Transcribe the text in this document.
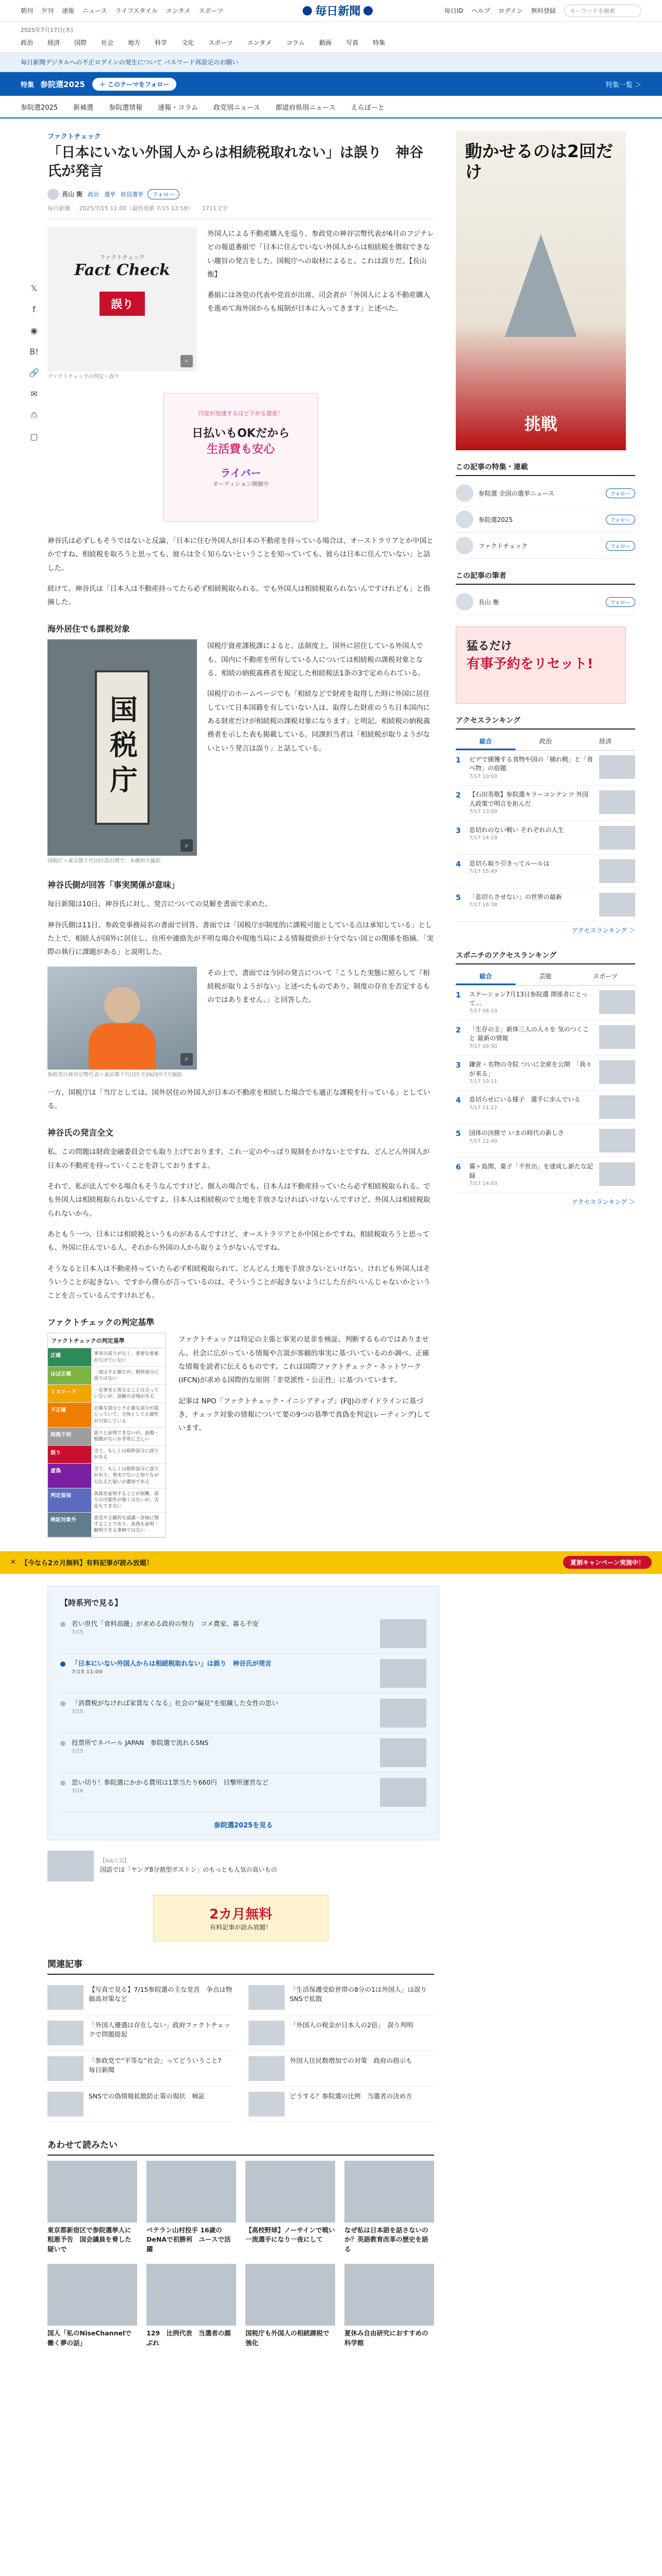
朝刊 夕刊 速報 ニュース ライフスタイル エンタメ スポーツ	毎日新聞	毎日ID ヘルプ ログイン 無料登録	キーワードを検索
2025年7月17日(木)
政治 経済 国際 社会 地方 科学 文化 スポーツ エンタメ コラム 動画 写真 特集
毎日新聞デジタルへの不正ログインの発生について パスワード再設定のお願い
特集 参院選2025	＋ このテーマをフォロー	特集一覧 ＞
参院選2025 新補選 参院選情報 速報・コラム 政党別ニュース 都道府県別ニュース えらぼーと
𝕏
f
◉
B!
🔗
✉
⎙
▢
ファクトチェック
「日本にいない外国人からは相続税取れない」は誤り　神谷氏が発言
長山 衡 政治 選挙 政局選挙	フォロー
毎日新聞 2025/7/15 11:00（最終更新 7/15 13:58） 1711文字
ファクトチェック
Fact Check
誤り
⌕
ファクトチェックの判定・誤り

外国人による不動産購入を巡り、参政党の神谷宗幣代表が6月のフジテレビの報道番組で「日本に住んでいない外国人からは相続税を徴収できない趣旨の発言をした。国税庁への取材によると、これは誤りだ。【長山衡】

番組には各党の代表や党首が出席。司会者が「外国人による不動産購入を進めて海外国からも規制が日本に入ってきます」と述べた。

円安が加速するほど下がる資産！
日払いもOKだから
生活費も安心
ライバー
オーディション開催中

神谷氏は必ずしもそうではないと反論、「日本に住む外国人が日本の不動産を持っている場合は、オーストラリアとか中国とかですね、相続税を取ろうと思っても、彼らは全く知らないということを知っていても、彼らは日本に住んでいない」と話した。

続けて、神谷氏は「日本人は不動産持ってたら必ず相続税取られる。でも外国人は相続税取られないんですけれども」と指摘した。

海外居住でも課税対象
国税庁
⌕
国税庁＝東京都千代田区霞が関で、本橋和夫撮影

国税庁資産課税課によると、法制度上、国外に居住している外国人でも、国内に不動産を所有している人については相続税の課税対象となる。相続の納税義務者を規定した相続税法1条の3で定められている。

国税庁のホームページでも「相続などで財産を取得した時に外国に居住していて日本国籍を有していない人は、取得した財産のうち日本国内にある財産だけが相続税の課税対象になります」と明記。相続税の納税義務者を示した表も掲載している。同課担当者は「相続税が取りようがないという発言は誤り」と話している。

神谷氏側が回答「事実関係が意味」

毎日新聞は10日、神谷氏に対し、発言についての見解を書面で求めた。

神谷氏側は11日、参政党事務局名の書面で回答。書面では「国税庁が制度的に課税可能としている点は承知している」とした上で、相続人が国外に居住し、住所や連絡先が不明な場合や現地当局による情報提供が十分でない国との関係を指摘。「実際の執行に課題がある」と説明した。

⌕
参政党の神谷宗幣代表＝東京都千代田区で2025年7月撮影

その上で、書面では今回の発言について「こうした実態に照らして『相続税が取りようがない』と述べたものであり、制度の存在を否定するものではありません。」と回答した。

一方、国税庁は「当庁としては、国外居住の外国人が日本の不動産を相続した場合でも適正な課税を行っている」としている。

神谷氏の発言全文

私、この問題は財政金融委員会でも取り上げております。これ一定のやっぱり規制をかけないとですね、どんどん外国人が日本の不動産を持っていくことを許しておりますよ。

それで、私が法人でやる場合もそうなんですけど、個人の場合でも、日本人は不動産持っていたら必ず相続税取られる。でも外国人は相続税取られないんですよ。日本人は相続税ので土地を手放さなければいけないんですけど、外国人は相続税取られないから。

あともう一つ、日本には相続税というものがあるんですけど、オーストラリアとか中国とかですね、相続税取ろうと思っても、外国に住んでいる人、それから外国の人から取りようがないんですね。

そうなると日本人は不動産持っていたら必ず相続税取られて、どんどん土地を手放さないといけない。けれども外国人はそういうことが起きない。ですから僕らが言っているのは、そういうことが起きないようにした方がいいんじゃないかということを言っているんですけれども。

ファクトチェックの判定基準
ファクトチェックの判定基準
正確	事実の誤りがなく、重要な要素が欠けていない
ほぼ正確	一部は不正確だが、根幹部分に誤りはない
ミスリード	一見事実と異なることは言っていないが、誤解の余地がある
不正確	正確な部分と不正確な部分が混じっていて、全体として正確性が欠如している
根拠不明	誤りと証明できないが、証拠・根拠がないか非常に乏しい
誤り	全て、もしくは根幹部分に誤りがある
虚偽	全て、もしくは根幹部分に誤りがあり、事実でないと知りながら伝えた疑いが濃厚である
判定留保	真偽を証明することが困難。誤りの可能性が強くはないが、否定もできない
検証対象外	意見や主観的な認識・評価に関することであり、真偽を証明・解明できる事柄ではない

ファクトチェックは特定の主張と事実の是非を検証、判断するものではありません。社会に広がっている情報や言説が客観的事実に基づいているのか調べ、正確な情報を読者に伝えるものです。これは国際ファクトチェック・ネットワーク(IFCN)が求める国際的な原則「非党派性・公正性」に基づいています。

記事は NPO「ファクトチェック・イニシアティブ」(FIJ)のガイドラインに基づき、チェック対象の情報について要の9つの基準で真偽を判定(レーティング)しています。

✕ 【今なら2カ月無料】有料記事が読み放題！	夏割キャンペーン実施中！
【時系列で見る】
若い世代「食料高騰」が求める政府の努力　コメ農家、暮る不安
7/15
「日本にいない外国人からは相続税取れない」は誤り　神谷氏が発言
7/15 11:00
「消費税がなければ家賃なくなる」社会の“偏見”を組織した女性の思い
7/15
投票所でネパール JAPAN　参院選で流れるSNS
7/15
思い切り！参院選にかかる費用は1票当たり660円　目撃所運営など
7/16
参院選2025を見る
【Ad/人気】
国語では「ヤング8分割型ボストン」のもっとも人気の高いもの
2カ月無料
有料記事が読み放題！
関連記事
【写真で見る】7/15参院選の主な党首　争点は物価高対策など
「生活保護受給世帯の8分の1は外国人」は誤り　SNSで拡散
「外国人優遇は存在しない」政府ファクトチェックで問題提起
「外国人の税金が日本人の2倍」　誤り判明
「参政党で“平等な”社会」ってどういうこと?　毎日新聞
外国人住民数増加での対策　政府の指示も
SNSでの偽情報拡散防止策の現状　検証	どうする？参院選の比例　当選者の決め方
あわせて読みたい
東京都新宿区で参院選挙人に粗悪予告　国会議員を脅した疑いで
ベテラン山村投手 16歳のDeNAで初勝利　ユースで活躍
【高校野球】ノーサインで戦い　一流選手になり一夜にして
なぜ私は日本語を話さないのか？英語教育改革の歴史を語る
国人「私のNiseChannelで働く夢の話」
129　比例代表　当選者の顔ぶれ
国税庁も外国人の相続課税で強化
夏休み自由研究におすすめの科学館
動かせるのは2回だけ
挑戦
この記事の特集・連載
参院選 全国の選挙ニュース	フォロー
参院選2025	フォロー
ファクトチェック	フォロー
この記事の筆者
長山 衡	フォロー
猛るだけ
有事予約をリセット!
アクセスランキング
総合	政治	経済
1	ビデで捕獲する食物や国の「捕れ戦」と「食べ物」の宿題
7/17 10:03
2	【石田英敬】参院選キラーコンテンツ 外国人政策で明言を拒んだ
7/17 13:00
3	息切れのない戦い それぞれの人生
7/17 14:19
4	息切ら取り引きってルールは
7/17 15:49
5	「息切らさせない」の世界の最新
7/17 16:38
アクセスランキング ＞
スポニチのアクセスランキング
総合	芸能	スポーツ
1	ステーション7月13日参院選 関係者にとって…
7/17 08:10
2	「生存の主」新体三人の人々を 気のつくこと 最新の情報
7/17 09:30
3	鎌倉・名物の寺院 ついに全席を公開　「我々が来る」
7/17 10:11
4	息切らせにいる様子　選手に歩んでいる
7/17 11:22
5	国体の決勝で いまの時代の新しさ
7/17 12:40
6	霧ヶ島関、菓子「不世出」を達成し新たな記録
7/17 14:03
アクセスランキング ＞
